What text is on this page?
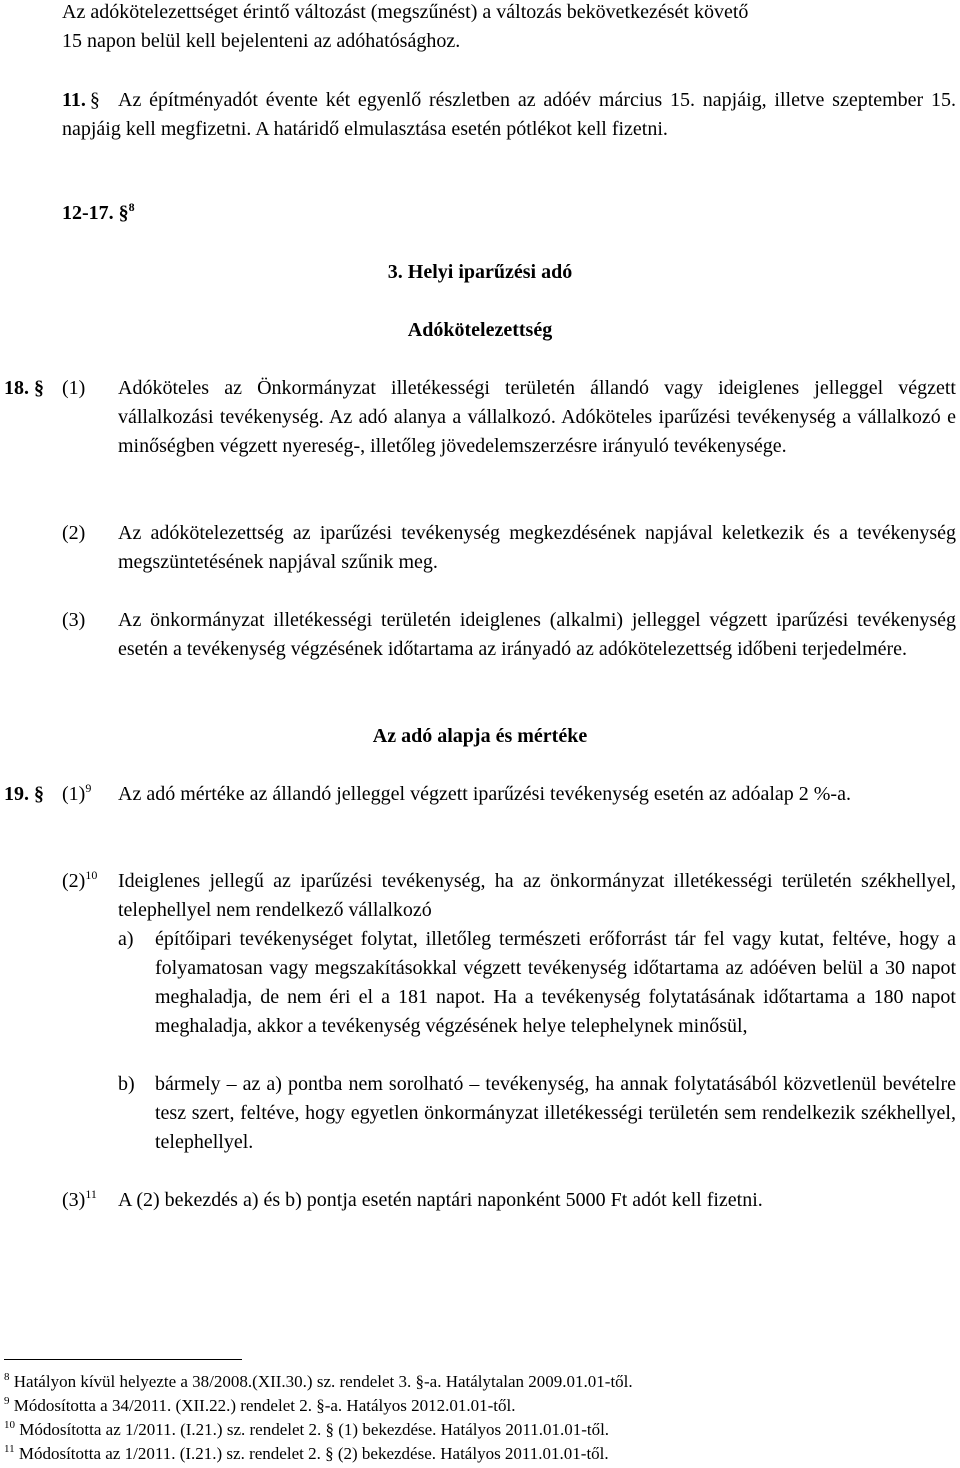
Az adókötelezettséget érintő változást (megszűnést) a változás bekövetkezését követő
15 napon belül kell bejelenteni az adóhatósághoz.
11. § Az építményadót évente két egyenlő részletben az adóév március 15. napjáig, illetve szeptember 15. napjáig kell megfizetni. A határidő elmulasztása esetén pótlékot kell fizetni.
12-17. §$^8$
3. Helyi iparűzési adó
Adókötelezettség
18. § (1) Adóköteles az Önkormányzat illetékességi területén állandó vagy ideiglenes jelleggel végzett vállalkozási tevékenység. Az adó alanya a vállalkozó. Adóköteles iparűzési tevékenység a vállalkozó e minőségben végzett nyereség-, illetőleg jövedelemszerzésre irányuló tevékenysége.
(2) Az adókötelezettség az iparűzési tevékenység megkezdésének napjával keletkezik és a tevékenység megszüntetésének napjával szűnik meg.
(3) Az önkormányzat illetékességi területén ideiglenes (alkalmi) jelleggel végzett iparűzési tevékenység esetén a tevékenység végzésének időtartama az irányadó az adókötelezettség időbeni terjedelmére.
Az adó alapja és mértéke
19. § $(1)^9$ Az adó mértéke az állandó jelleggel végzett iparűzési tevékenység esetén az adóalap 2 %-a.
$(2)^{10}$ Ideiglenes jellegű az iparűzési tevékenység, ha az önkormányzat illetékességi területén székhellyel, telephellyel nem rendelkező vállalkozó
a) építőipari tevékenységet folytat, illetőleg természeti erőforrást tár fel vagy kutat, feltéve, hogy a folyamatosan vagy megszakításokkal végzett tevékenység időtartama az adóéven belül a 30 napot meghaladja, de nem éri el a 181 napot. Ha a tevékenység folytatásának időtartama a 180 napot meghaladja, akkor a tevékenység végzésének helye telephelynek minősül,
b) bármely – az a) pontba nem sorolható – tevékenység, ha annak folytatásából közvetlenül bevételre tesz szert, feltéve, hogy egyetlen önkormányzat illetékességi területén sem rendelkezik székhellyel, telephellyel.
$(3)^{11}$ A (2) bekezdés a) és b) pontja esetén naptári naponként 5000 Ft adót kell fizetni.
$^8$ Hatályon kívül helyezte a 38/2008.(XII.30.) sz. rendelet 3. §-a. Hatálytalan 2009.01.01-től.
$^9$ Módosította a 34/2011. (XII.22.) rendelet 2. §-a. Hatályos 2012.01.01-től.
$^{10}$ Módosította az 1/2011. (I.21.) sz. rendelet 2. § (1) bekezdése. Hatályos 2011.01.01-től.
$^{11}$ Módosította az 1/2011. (I.21.) sz. rendelet 2. § (2) bekezdése. Hatályos 2011.01.01-től.
